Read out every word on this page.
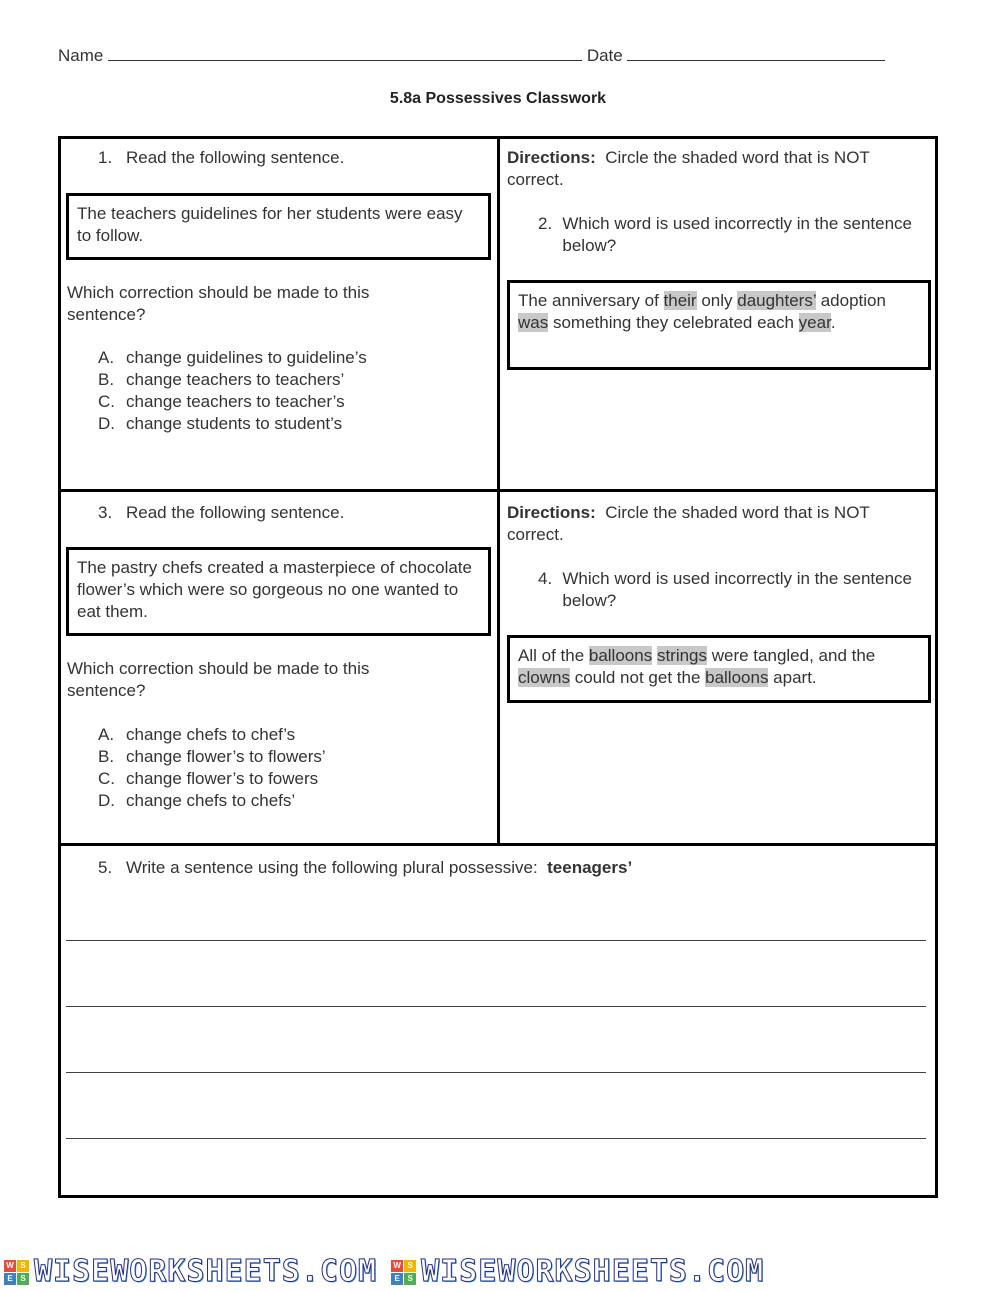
Name	Date
5.8a Possessives Classwork
1. Read the following sentence.
The teachers guidelines for her students were easy to follow.
Which correction should be made to this sentence?
A. change guidelines to guideline’s
B. change teachers to teachers’
C. change teachers to teacher’s
D. change students to student’s
Directions: Circle the shaded word that is NOT correct.
2. Which word is used incorrectly in the sentence below?
The anniversary of their only daughters’ adoption was something they celebrated each year.
3. Read the following sentence.
The pastry chefs created a masterpiece of chocolate flower’s which were so gorgeous no one wanted to eat them.
Which correction should be made to this sentence?
A. change chefs to chef’s
B. change flower’s to flowers’
C. change flower’s to fowers
D. change chefs to chefs’
Directions: Circle the shaded word that is NOT correct.
4. Which word is used incorrectly in the sentence below?
All of the balloons strings were tangled, and the clowns could not get the balloons apart.
5. Write a sentence using the following plural possessive: teenagers’
W S
E S WISEWORKSHEETS.COM W S
E S WISEWORKSHEETS.COM
